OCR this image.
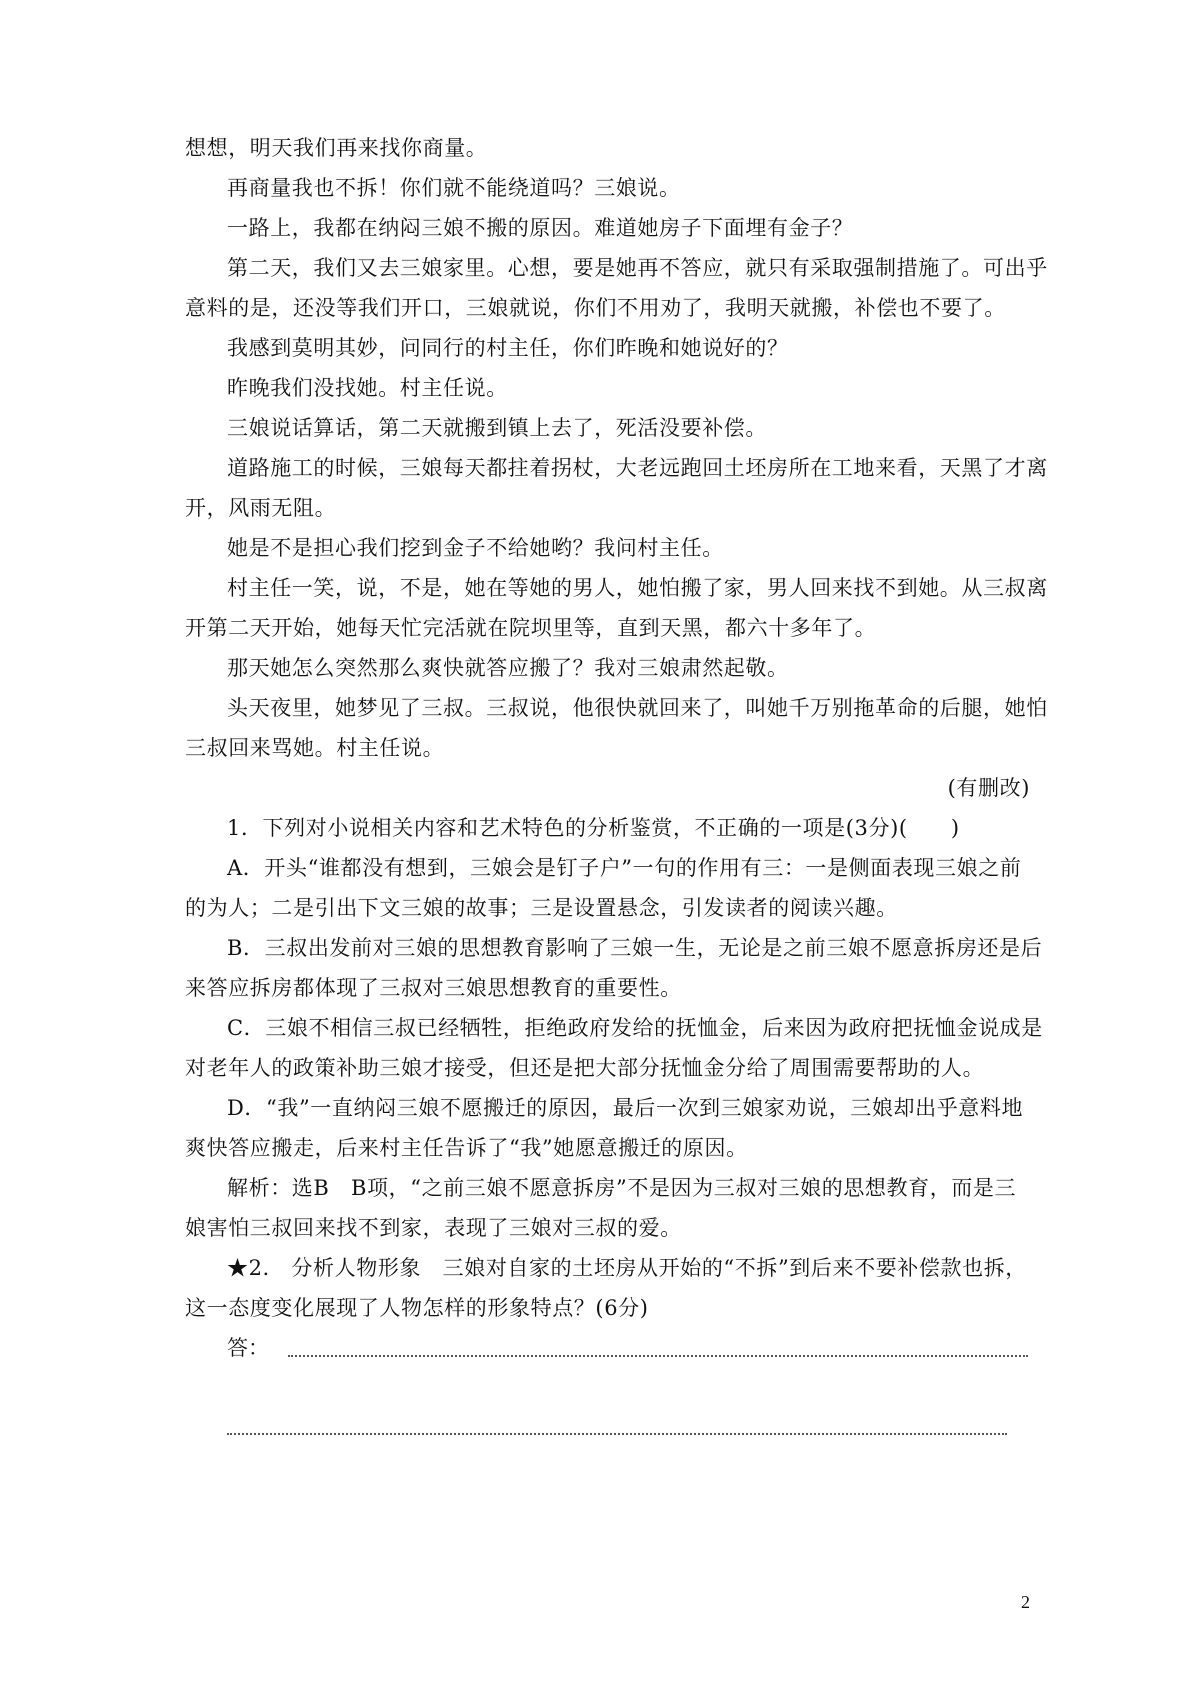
想想，明天我们再来找你商量。
再商量我也不拆！你们就不能绕道吗？三娘说。
一路上，我都在纳闷三娘不搬的原因。难道她房子下面埋有金子？
第二天，我们又去三娘家里。心想，要是她再不答应，就只有采取强制措施了。可出乎
意料的是，还没等我们开口，三娘就说，你们不用劝了，我明天就搬，补偿也不要了。
我感到莫明其妙，问同行的村主任，你们昨晚和她说好的？
昨晚我们没找她。村主任说。
三娘说话算话，第二天就搬到镇上去了，死活没要补偿。
道路施工的时候，三娘每天都拄着拐杖，大老远跑回土坯房所在工地来看，天黑了才离
开，风雨无阻。
她是不是担心我们挖到金子不给她哟？我问村主任。
村主任一笑，说，不是，她在等她的男人，她怕搬了家，男人回来找不到她。从三叔离
开第二天开始，她每天忙完活就在院坝里等，直到天黑，都六十多年了。
那天她怎么突然那么爽快就答应搬了？我对三娘肃然起敬。
头天夜里，她梦见了三叔。三叔说，他很快就回来了，叫她千万别拖革命的后腿，她怕
三叔回来骂她。村主任说。
(有删改)
1．下列对小说相关内容和艺术特色的分析鉴赏，不正确的一项是(3分)(　　)
A．开头“谁都没有想到，三娘会是钉子户”一句的作用有三：一是侧面表现三娘之前
的为人；二是引出下文三娘的故事；三是设置悬念，引发读者的阅读兴趣。
B．三叔出发前对三娘的思想教育影响了三娘一生，无论是之前三娘不愿意拆房还是后
来答应拆房都体现了三叔对三娘思想教育的重要性。
C．三娘不相信三叔已经牺牲，拒绝政府发给的抚恤金，后来因为政府把抚恤金说成是
对老年人的政策补助三娘才接受，但还是把大部分抚恤金分给了周围需要帮助的人。
D．“我”一直纳闷三娘不愿搬迁的原因，最后一次到三娘家劝说，三娘却出乎意料地
爽快答应搬走，后来村主任告诉了“我”她愿意搬迁的原因。
解析：选B　B项，“之前三娘不愿意拆房”不是因为三叔对三娘的思想教育，而是三
娘害怕三叔回来找不到家，表现了三娘对三叔的爱。
★2.　分析人物形象　三娘对自家的土坯房从开始的“不拆”到后来不要补偿款也拆，
这一态度变化展现了人物怎样的形象特点？(6分)
答：
2
